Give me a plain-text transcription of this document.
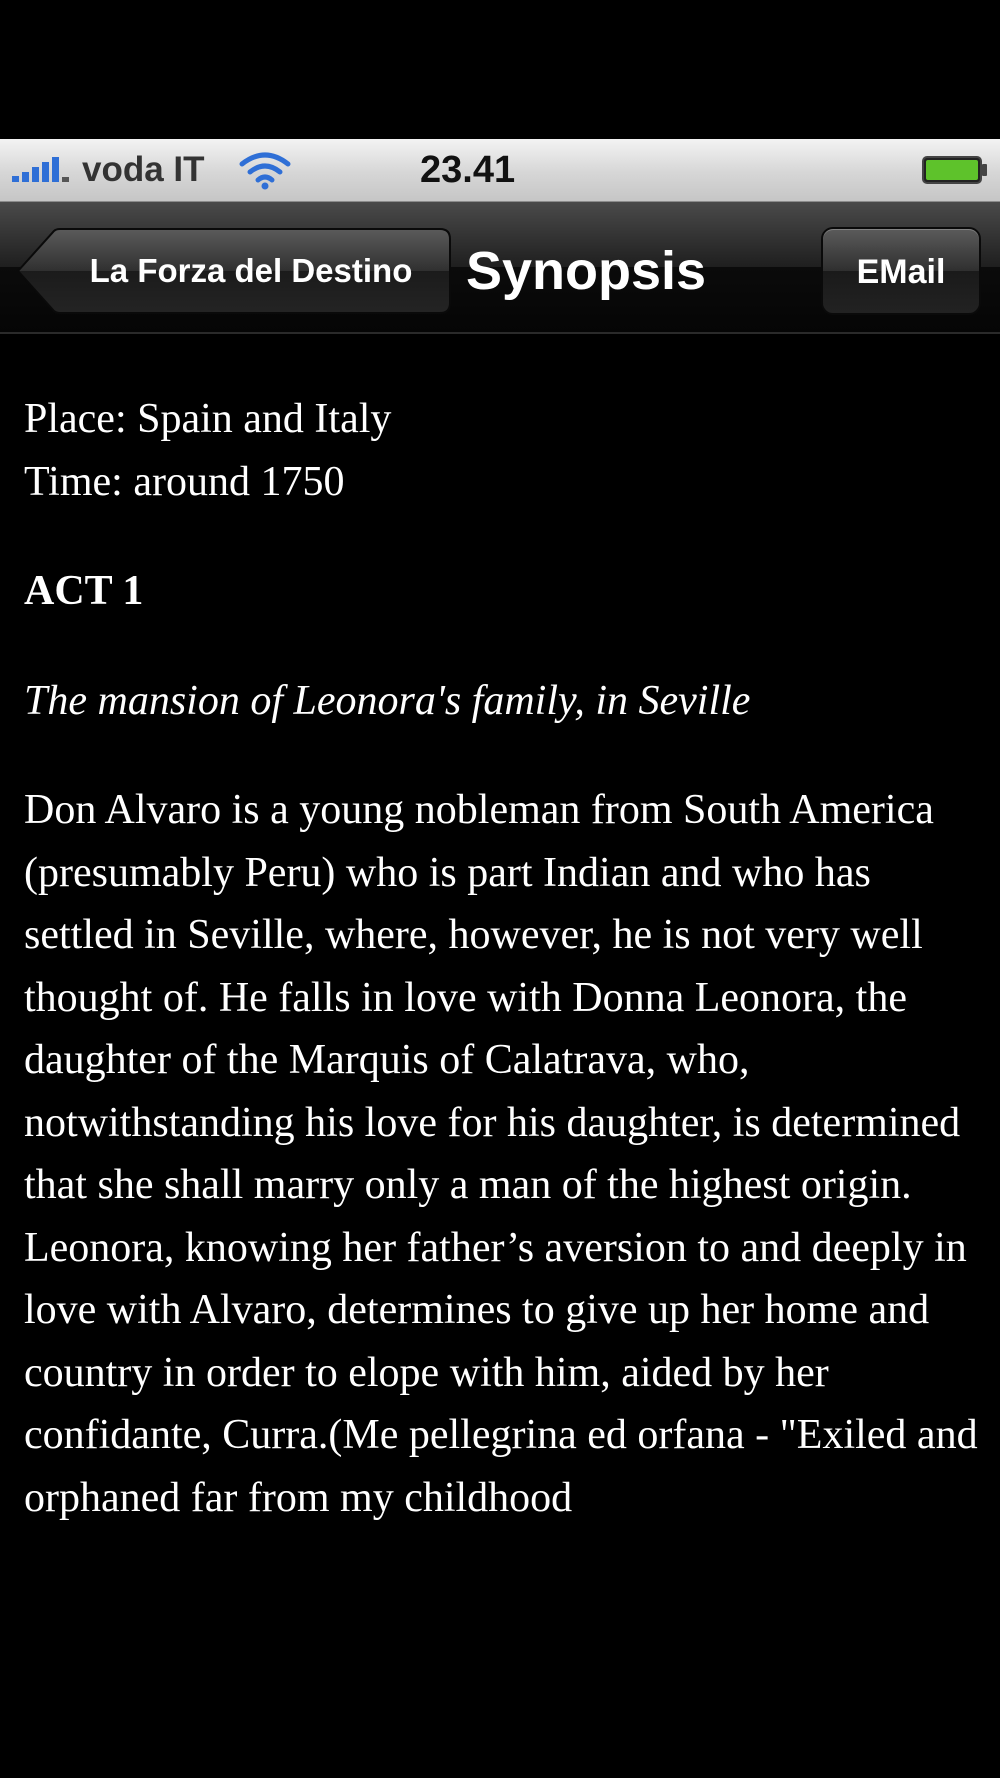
voda IT	23.41
La Forza del Destino Synopsis	EMail

Place: Spain and Italy

Time: around 1750

ACT 1

The mansion of Leonora's family, in Seville

Don Alvaro is a young nobleman from South America (presumably Peru) who is part Indian and who has settled in Seville, where, however, he is not very well thought of. He falls in love with Donna Leonora, the daughter of the Marquis of Calatrava, who, notwithstanding his love for his daughter, is determined that she shall marry only a man of the highest origin. Leonora, knowing her father’s aversion to and deeply in love with Alvaro, determines to give up her home and country in order to elope with him, aided by her confidante, Curra.(Me pellegrina ed orfana - "Exiled and orphaned far from my childhood
